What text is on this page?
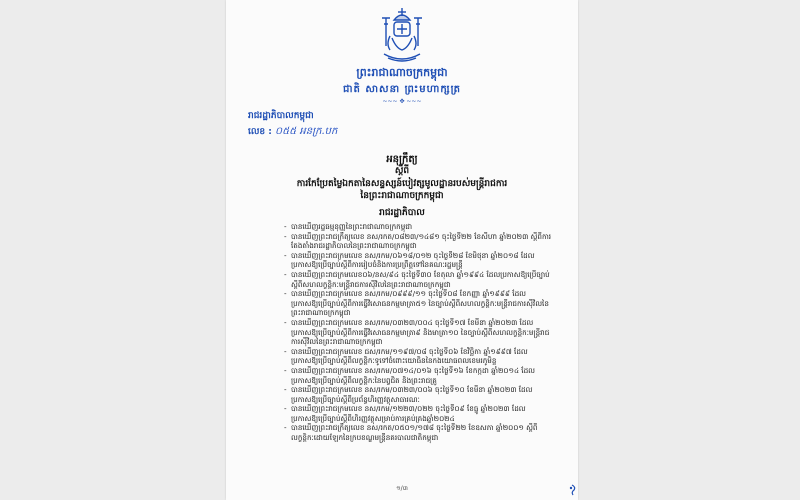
ព្រះរាជាណាចក្រកម្ពុជា
ជាតិ សាសនា ព្រះមហាក្សត្រ
~~~ ✥ ~~~
រាជរដ្ឋាភិបាលកម្ពុជា
លេខ : ០៥៥ អនក្រ.បក
អនុក្រឹត្យ
ស្តីពី
ការកែប្រែតម្លៃឯកតានៃសន្ទស្សន៍បៀវត្សមូលដ្ឋានរបស់មន្ត្រីរាជការ
នៃព្រះរាជាណាចក្រកម្ពុជា
រាជរដ្ឋាភិបាល
- បានឃើញរដ្ឋធម្មនុញ្ញនៃព្រះរាជាណាចក្រកម្ពុជា
- បានឃើញព្រះរាជក្រឹត្យលេខ នស/រកត/០៨២៣/១៤៨១ ចុះថ្ងៃទី២២ ខែសីហា ឆ្នាំ២០២៣ ស្តីពីការតែងតាំងរាជរដ្ឋាភិបាលនៃព្រះរាជាណាចក្រកម្ពុជា
- បានឃើញព្រះរាជក្រមលេខ នស/រកម/០៦១៨/០១២ ចុះថ្ងៃទី២៨ ខែមិថុនា ឆ្នាំ២០១៨ ដែលប្រកាសឱ្យប្រើច្បាប់ស្តីពីការរៀបចំនិងការប្រព្រឹត្តទៅនៃគណៈរដ្ឋមន្ត្រី
- បានឃើញព្រះរាជក្រមលេខ០៦/នស/៩៤ ចុះថ្ងៃទី៣០ ខែតុលា ឆ្នាំ១៩៩៤ ដែលប្រកាសឱ្យប្រើច្បាប់ស្តីពីសហលក្ខន្តិកៈមន្ត្រីរាជការស៊ីវិលនៃព្រះរាជាណាចក្រកម្ពុជា
- បានឃើញព្រះរាជក្រមលេខ នស/រកម/០៩៩៩/១១ ចុះថ្ងៃទី០៨ ខែកញ្ញា ឆ្នាំ១៩៩៩ ដែលប្រកាសឱ្យប្រើច្បាប់ស្តីពីការធ្វើវិសោធនកម្មមាត្រា៥១ នៃច្បាប់ស្តីពីសហលក្ខន្តិកៈមន្ត្រីរាជការស៊ីវិលនៃព្រះរាជាណាចក្រកម្ពុជា
- បានឃើញព្រះរាជក្រមលេខ នស/រកម/០៣២៣/០០៤ ចុះថ្ងៃទី១៧ ខែមីនា ឆ្នាំ២០២៣ ដែលប្រកាសឱ្យប្រើច្បាប់ស្តីពីការធ្វើវិសោធនកម្មមាត្រា៩ និងមាត្រា១០ នៃច្បាប់ស្តីពីសហលក្ខន្តិកៈមន្ត្រីរាជការស៊ីវិលនៃព្រះរាជាណាចក្រកម្ពុជា
- បានឃើញព្រះរាជក្រមលេខ ជស/រកម/១១៩៧/០៨ ចុះថ្ងៃទី០៦ ខែវិច្ឆិកា ឆ្នាំ១៩៩៧ ដែលប្រកាសឱ្យប្រើច្បាប់ស្តីពីលក្ខន្តិកៈទូទៅចំពោះយោធិននៃកងយោធពលខេមរភូមិន្ទ
- បានឃើញព្រះរាជក្រមលេខ នស/រកម/០៧១៤/០១៦ ចុះថ្ងៃទី១៦ ខែកក្កដា ឆ្នាំ២០១៤ ដែលប្រកាសឱ្យប្រើច្បាប់ស្តីពីលក្ខន្តិកៈនៃបព្វជិត និងព្រះរាជគ្រូ
- បានឃើញព្រះរាជក្រមលេខ នស/រកម/០៣២៣/០០៦ ចុះថ្ងៃទី១០ ខែមីនា ឆ្នាំ២០២៣ ដែលប្រកាសឱ្យប្រើច្បាប់ស្តីពីប្រព័ន្ធហិរញ្ញវត្ថុសាធារណៈ
- បានឃើញព្រះរាជក្រមលេខ នស/រកម/១២២៣/០២២ ចុះថ្ងៃទី០៩ ខែធ្នូ ឆ្នាំ២០២៣ ដែលប្រកាសឱ្យប្រើច្បាប់ស្តីពីហិរញ្ញវត្ថុសម្រាប់ការគ្រប់គ្រងឆ្នាំ២០២៤
- បានឃើញព្រះរាជក្រឹត្យលេខ នស/រកត/០៥០១/១៧៨ ចុះថ្ងៃទី២២ ខែឧសភា ឆ្នាំ២០០១ ស្តីពីលក្ខន្តិកៈដោយឡែកនៃក្របខណ្ឌមន្ត្រីនគរបាលជាតិកម្ពុជា
១/៣
